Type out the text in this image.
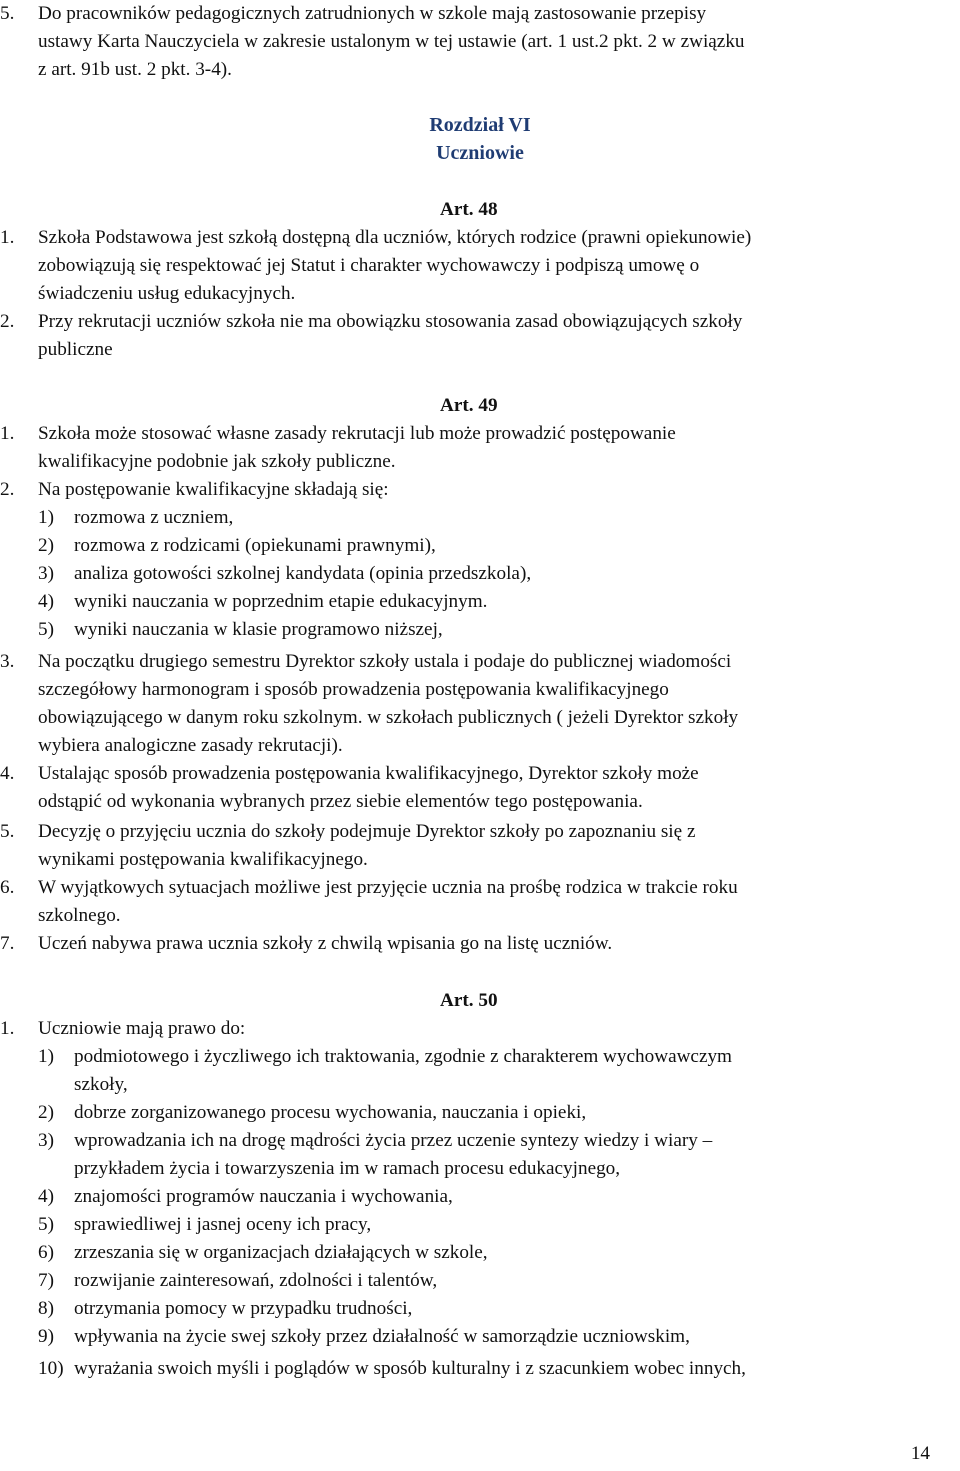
5. Do pracowników pedagogicznych zatrudnionych w szkole mają zastosowanie przepisy
ustawy Karta Nauczyciela w zakresie ustalonym w tej ustawie (art. 1 ust.2 pkt. 2 w związku
z art. 91b ust. 2 pkt. 3-4).
Rozdział VI
Uczniowie
Art. 48
1. Szkoła Podstawowa jest szkołą dostępną dla uczniów, których rodzice (prawni opiekunowie)
zobowiązują się respektować jej Statut i charakter wychowawczy i podpiszą umowę o
świadczeniu usług edukacyjnych.
2. Przy rekrutacji uczniów szkoła nie ma obowiązku stosowania zasad obowiązujących szkoły
publiczne
Art. 49
1. Szkoła może stosować własne zasady rekrutacji lub może prowadzić postępowanie
kwalifikacyjne podobnie jak szkoły publiczne.
2. Na postępowanie kwalifikacyjne składają się:
1) rozmowa z uczniem,
2) rozmowa z rodzicami (opiekunami prawnymi),
3) analiza gotowości szkolnej kandydata (opinia przedszkola),
4) wyniki nauczania w poprzednim etapie edukacyjnym.
5) wyniki nauczania w klasie programowo niższej,
3. Na początku drugiego semestru Dyrektor szkoły ustala i podaje do publicznej wiadomości
szczegółowy harmonogram i sposób prowadzenia postępowania kwalifikacyjnego
obowiązującego w danym roku szkolnym. w szkołach publicznych ( jeżeli Dyrektor szkoły
wybiera analogiczne zasady rekrutacji).
4. Ustalając sposób prowadzenia postępowania kwalifikacyjnego, Dyrektor szkoły może
odstąpić od wykonania wybranych przez siebie elementów tego postępowania.
5. Decyzję o przyjęciu ucznia do szkoły podejmuje Dyrektor szkoły po zapoznaniu się z
wynikami postępowania kwalifikacyjnego.
6. W wyjątkowych sytuacjach możliwe jest przyjęcie ucznia na prośbę rodzica w trakcie roku
szkolnego.
7. Uczeń nabywa prawa ucznia szkoły z chwilą wpisania go na listę uczniów.
Art. 50
1. Uczniowie mają prawo do:
1) podmiotowego i życzliwego ich traktowania, zgodnie z charakterem wychowawczym
szkoły,
2) dobrze zorganizowanego procesu wychowania, nauczania i opieki,
3) wprowadzania ich na drogę mądrości życia przez uczenie syntezy wiedzy i wiary –
przykładem życia i towarzyszenia im w ramach procesu edukacyjnego,
4) znajomości programów nauczania i wychowania,
5) sprawiedliwej i jasnej oceny ich pracy,
6) zrzeszania się w organizacjach działających w szkole,
7) rozwijanie zainteresowań, zdolności i talentów,
8) otrzymania pomocy w przypadku trudności,
9) wpływania na życie swej szkoły przez działalność w samorządzie uczniowskim,
10) wyrażania swoich myśli i poglądów w sposób kulturalny i z szacunkiem wobec innych,
14
